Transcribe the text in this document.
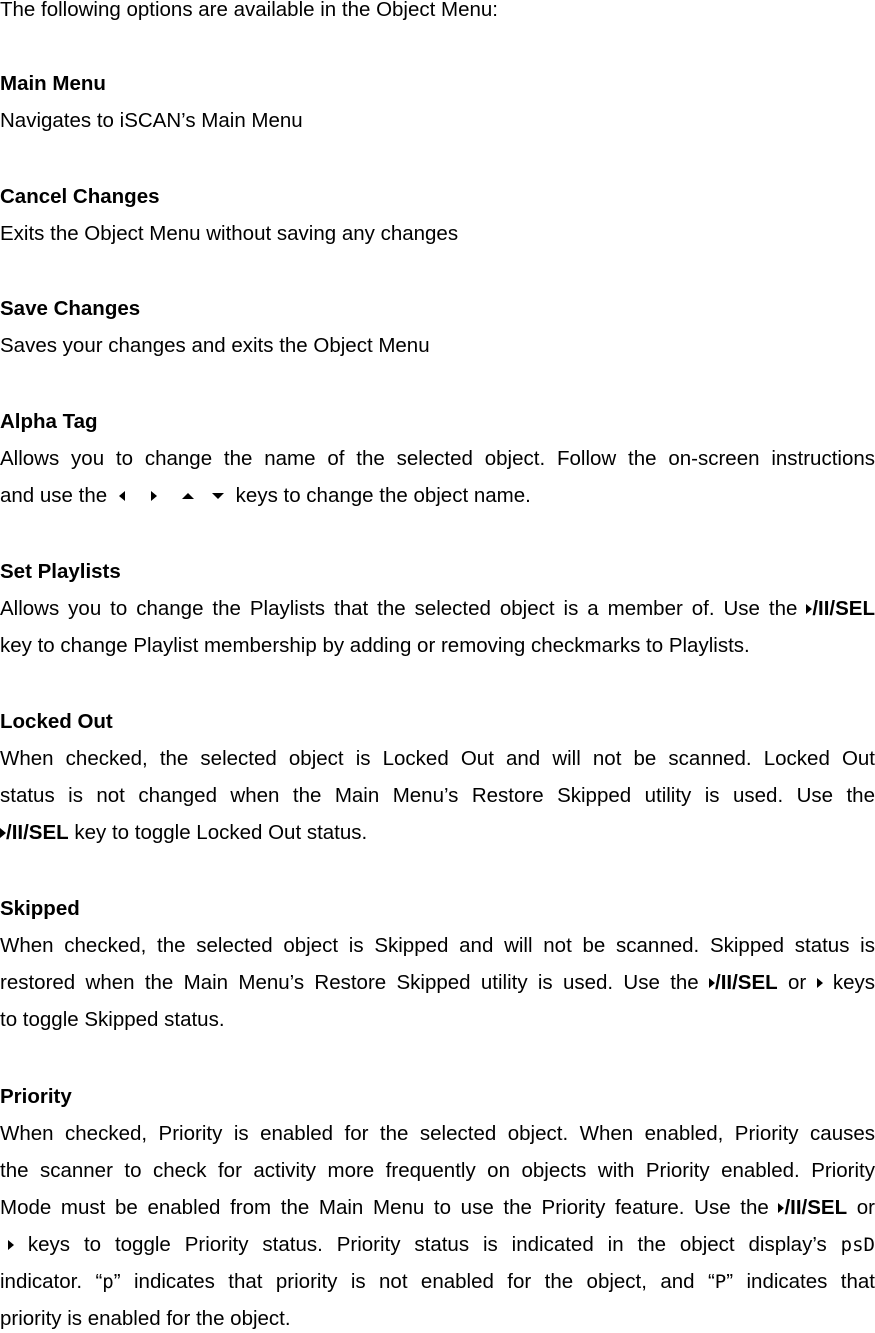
The following options are available in the Object Menu:
Main Menu
Navigates to iSCAN’s Main Menu
Cancel Changes
Exits the Object Menu without saving any changes
Save Changes
Saves your changes and exits the Object Menu
Alpha Tag
Allows you to change the name of the selected object. Follow the on-screen instructions
and use the	keys to change the object name.
Set Playlists
Allows you to change the Playlists that the selected object is a member of. Use the /II/SEL
key to change Playlist membership by adding or removing checkmarks to Playlists.
Locked Out
When checked, the selected object is Locked Out and will not be scanned. Locked Out
status is not changed when the Main Menu’s Restore Skipped utility is used. Use the
/II/SEL key to toggle Locked Out status.
Skipped
When checked, the selected object is Skipped and will not be scanned. Skipped status is
restored when the Main Menu’s Restore Skipped utility is used. Use the /II/SEL or keys
to toggle Skipped status.
Priority
When checked, Priority is enabled for the selected object. When enabled, Priority causes
the scanner to check for activity more frequently on objects with Priority enabled. Priority
Mode must be enabled from the Main Menu to use the Priority feature. Use the /II/SEL or
keys to toggle Priority status. Priority status is indicated in the object display’s psD
indicator. “p” indicates that priority is not enabled for the object, and “P” indicates that
priority is enabled for the object.
